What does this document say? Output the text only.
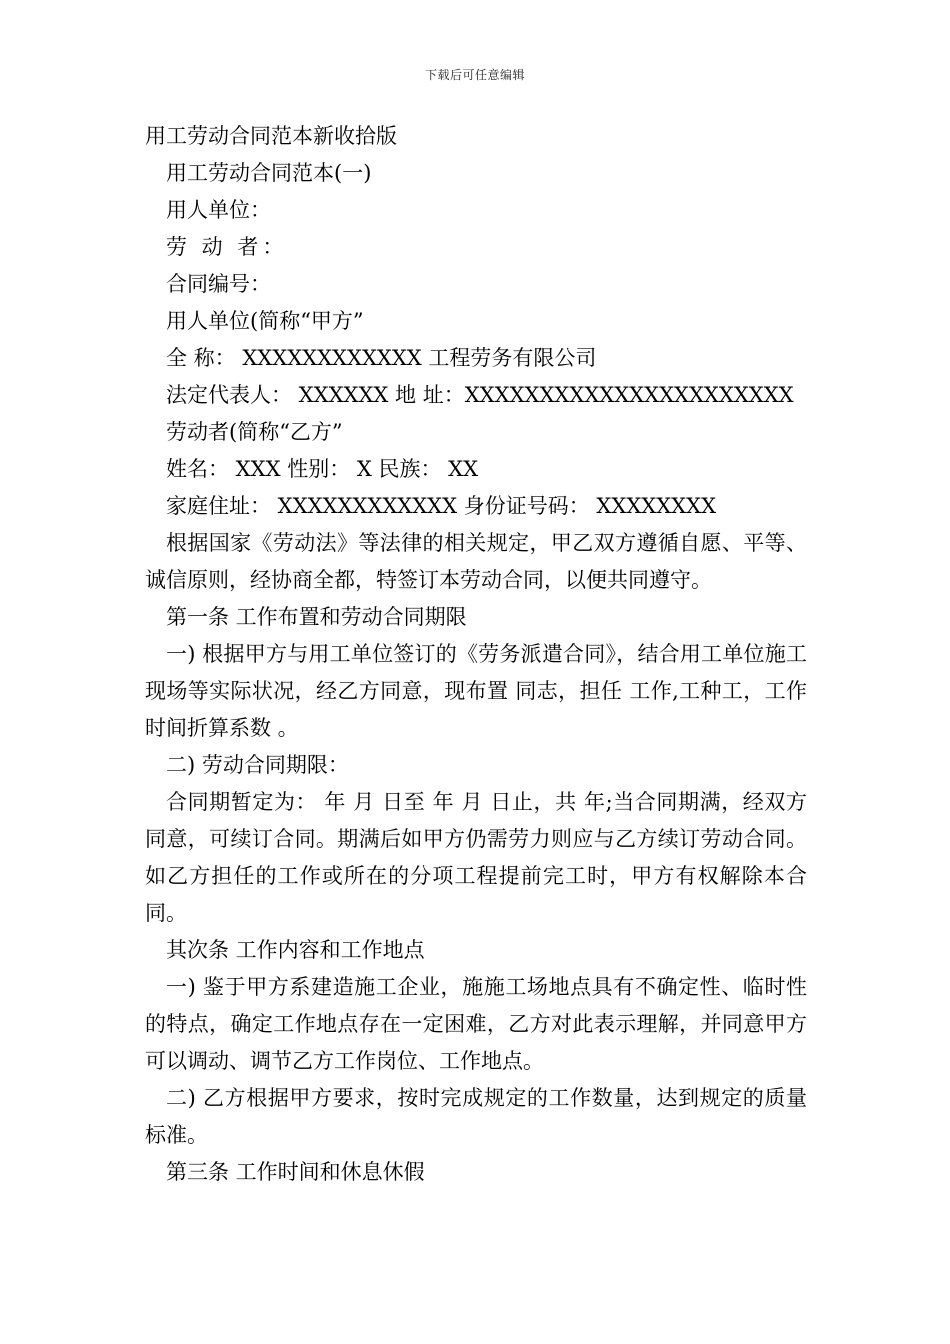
下载后可任意编辑
用工劳动合同范本新收拾版
用工劳动合同范本(一)
用人单位：
劳 动 者：
合同编号：
用人单位(简称“甲方”
全 称： XXXXXXXXXXXX 工程劳务有限公司
法定代表人： XXXXXX 地 址：XXXXXXXXXXXXXXXXXXXXXX
劳动者(简称“乙方”
姓名： XXX 性别： X 民族： XX
家庭住址： XXXXXXXXXXXX 身份证号码： XXXXXXXX

根据国家《劳动法》等法律的相关规定，甲乙双方遵循自愿、平等、诚信原则，经协商全都，特签订本劳动合同，以便共同遵守。

第一条 工作布置和劳动合同期限

一) 根据甲方与用工单位签订的《劳务派遣合同》，结合用工单位施工现场等实际状况，经乙方同意，现布置 同志，担任 工作,工种工，工作时间折算系数 。

二) 劳动合同期限：

合同期暂定为： 年 月 日至 年 月 日止，共 年;当合同期满，经双方同意，可续订合同。期满后如甲方仍需劳力则应与乙方续订劳动合同。如乙方担任的工作或所在的分项工程提前完工时，甲方有权解除本合同。

其次条 工作内容和工作地点

一) 鉴于甲方系建造施工企业，施施工场地点具有不确定性、临时性的特点，确定工作地点存在一定困难，乙方对此表示理解，并同意甲方可以调动、调节乙方工作岗位、工作地点。

二) 乙方根据甲方要求，按时完成规定的工作数量，达到规定的质量标准。

第三条 工作时间和休息休假
